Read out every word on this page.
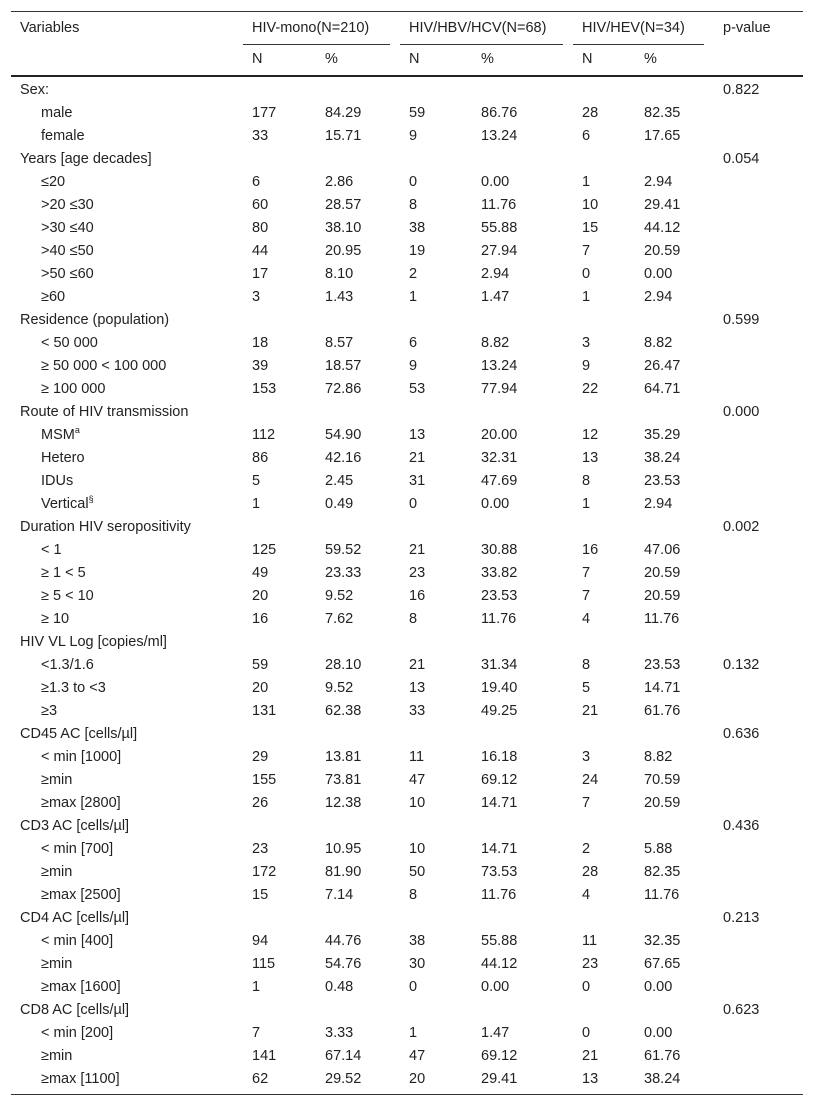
Variables	HIV-mono(N=210)		HIV/HBV/HCV(N=68)		HIV/HEV(N=34)		p-value
	N	%	N	%	N	%	
Sex:							0.822
male	177	84.29	59	86.76	28	82.35	
female	33	15.71	9	13.24	6	17.65	
Years [age decades]							0.054
≤20	6	2.86	0	0.00	1	2.94	
>20 ≤30	60	28.57	8	11.76	10	29.41	
>30 ≤40	80	38.10	38	55.88	15	44.12	
>40 ≤50	44	20.95	19	27.94	7	20.59	
>50 ≤60	17	8.10	2	2.94	0	0.00	
≥60	3	1.43	1	1.47	1	2.94	
Residence (population)							0.599
< 50 000	18	8.57	6	8.82	3	8.82	
≥ 50 000 < 100 000	39	18.57	9	13.24	9	26.47	
≥ 100 000	153	72.86	53	77.94	22	64.71	
Route of HIV transmission							0.000
MSM$^a$	112	54.90	13	20.00	12	35.29	
Hetero	86	42.16	21	32.31	13	38.24	
IDUs	5	2.45	31	47.69	8	23.53	
Vertical§	1	0.49	0	0.00	1	2.94	
Duration HIV seropositivity							0.002
< 1	125	59.52	21	30.88	16	47.06	
≥ 1 < 5	49	23.33	23	33.82	7	20.59	
≥ 5 < 10	20	9.52	16	23.53	7	20.59	
≥ 10	16	7.62	8	11.76	4	11.76	
HIV VL Log [copies/ml]							
<1.3/1.6	59	28.10	21	31.34	8	23.53	0.132
≥1.3 to <3	20	9.52	13	19.40	5	14.71	
≥3	131	62.38	33	49.25	21	61.76	
CD45 AC [cells/µl]							0.636
< min [1000]	29	13.81	11	16.18	3	8.82	
≥min	155	73.81	47	69.12	24	70.59	
≥max [2800]	26	12.38	10	14.71	7	20.59	
CD3 AC [cells/µl]							0.436
< min [700]	23	10.95	10	14.71	2	5.88	
≥min	172	81.90	50	73.53	28	82.35	
≥max [2500]	15	7.14	8	11.76	4	11.76	
CD4 AC [cells/µl]							0.213
< min [400]	94	44.76	38	55.88	11	32.35	
≥min	115	54.76	30	44.12	23	67.65	
≥max [1600]	1	0.48	0	0.00	0	0.00	
CD8 AC [cells/µl]							0.623
< min [200]	7	3.33	1	1.47	0	0.00	
≥min	141	67.14	47	69.12	21	61.76	
≥max [1100]	62	29.52	20	29.41	13	38.24	
